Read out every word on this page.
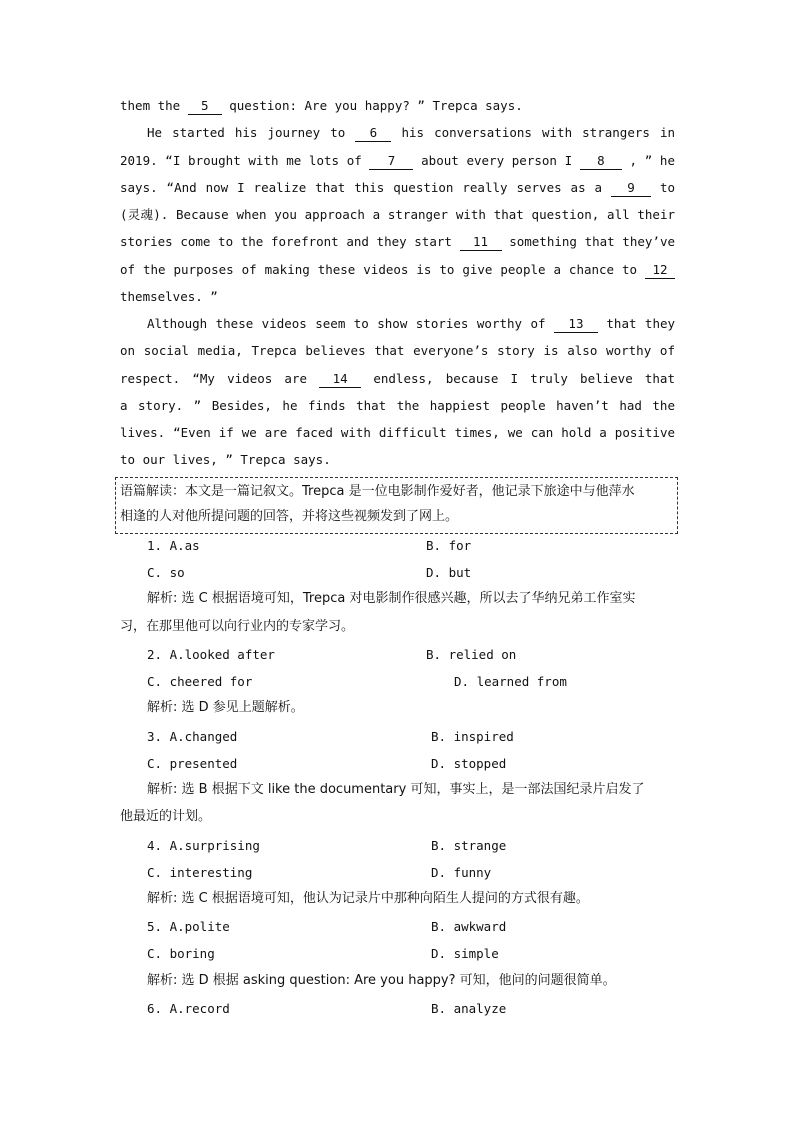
them the 5 question: Are you happy? ” Trepca says.
He started his journey to 6 his conversations with strangers in
2019. “I brought with me lots of 7 about every person I 8 , ” he
says. “And now I realize that this question really serves as a 9 to
(灵魂). Because when you approach a stranger with that question, all their
stories come to the forefront and they start 11 something that they’ve
of the purposes of making these videos is to give people a chance to 12
themselves. ”
Although these videos seem to show stories worthy of 13 that they
on social media, Trepca believes that everyone’s story is also worthy of
respect. “My videos are 14 endless, because I truly believe that
a story. ” Besides, he finds that the happiest people haven’t had the
lives. “Even if we are faced with difficult times, we can hold a positive
to our lives, ” Trepca says.
语篇解读：本文是一篇记叙文。Trepca 是一位电影制作爱好者，他记录下旅途中与他萍水
相逢的人对他所提问题的回答，并将这些视频发到了网上。
1. A.as	B. for
C. so	D. but
解析: 选 C 根据语境可知，Trepca 对电影制作很感兴趣，所以去了华纳兄弟工作室实
习，在那里他可以向行业内的专家学习。
2. A.looked after	B. relied on
C. cheered for	D. learned from
解析: 选 D 参见上题解析。
3. A.changed	B. inspired
C. presented	D. stopped
解析: 选 B 根据下文 like the documentary 可知，事实上，是一部法国纪录片启发了
他最近的计划。
4. A.surprising	B. strange
C. interesting	D. funny
解析: 选 C 根据语境可知，他认为记录片中那种向陌生人提问的方式很有趣。
5. A.polite	B. awkward
C. boring	D. simple
解析: 选 D 根据 asking question: Are you happy? 可知，他问的问题很简单。
6. A.record	B. analyze
